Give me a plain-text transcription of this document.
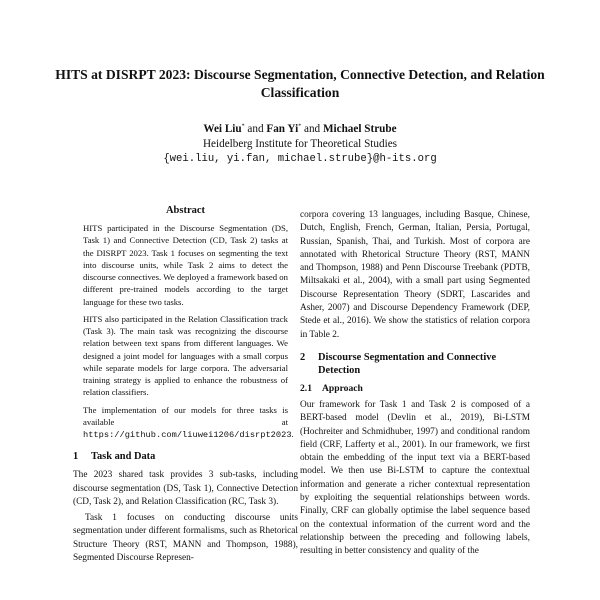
HITS at DISRPT 2023: Discourse Segmentation, Connective Detection, and Relation Classification
Wei Liu* and Fan Yi* and Michael Strube
Heidelberg Institute for Theoretical Studies
{wei.liu, yi.fan, michael.strube}@h-its.org
Abstract

HITS participated in the Discourse Segmentation (DS, Task 1) and Connective Detection (CD, Task 2) tasks at the DISRPT 2023. Task 1 focuses on segmenting the text into discourse units, while Task 2 aims to detect the discourse connectives. We deployed a framework based on different pre-trained models according to the target language for these two tasks.

HITS also participated in the Relation Classification track (Task 3). The main task was recognizing the discourse relation between text spans from different languages. We designed a joint model for languages with a small corpus while separate models for large corpora. The adversarial training strategy is applied to enhance the robustness of relation classifiers.

The implementation of our models for three tasks is available at https://github.com/liuwei1206/disrpt2023.

1	Task and Data

The 2023 shared task provides 3 sub-tasks, including discourse segmentation (DS, Task 1), Connective Detection (CD, Task 2), and Relation Classification (RC, Task 3).

Task 1 focuses on conducting discourse units segmentation under different formalisms, such as Rhetorical Structure Theory (RST, MANN and Thompson, 1988), Segmented Discourse Represen-

corpora covering 13 languages, including Basque, Chinese, Dutch, English, French, German, Italian, Persia, Portugal, Russian, Spanish, Thai, and Turkish. Most of corpora are annotated with Rhetorical Structure Theory (RST, MANN and Thompson, 1988) and Penn Discourse Treebank (PDTB, Miltsakaki et al., 2004), with a small part using Segmented Discourse Representation Theory (SDRT, Lascarides and Asher, 2007) and Discourse Dependency Framework (DEP, Stede et al., 2016). We show the statistics of relation corpora in Table 2.

2	Discourse Segmentation and Connective Detection
2.1	Approach

Our framework for Task 1 and Task 2 is composed of a BERT-based model (Devlin et al., 2019), Bi-LSTM (Hochreiter and Schmidhuber, 1997) and conditional random field (CRF, Lafferty et al., 2001). In our framework, we first obtain the embedding of the input text via a BERT-based model. We then use Bi-LSTM to capture the contextual information and generate a richer contextual representation by exploiting the sequential relationships between words. Finally, CRF can globally optimise the label sequence based on the contextual information of the current word and the relationship between the preceding and following labels, resulting in better consistency and quality of the
